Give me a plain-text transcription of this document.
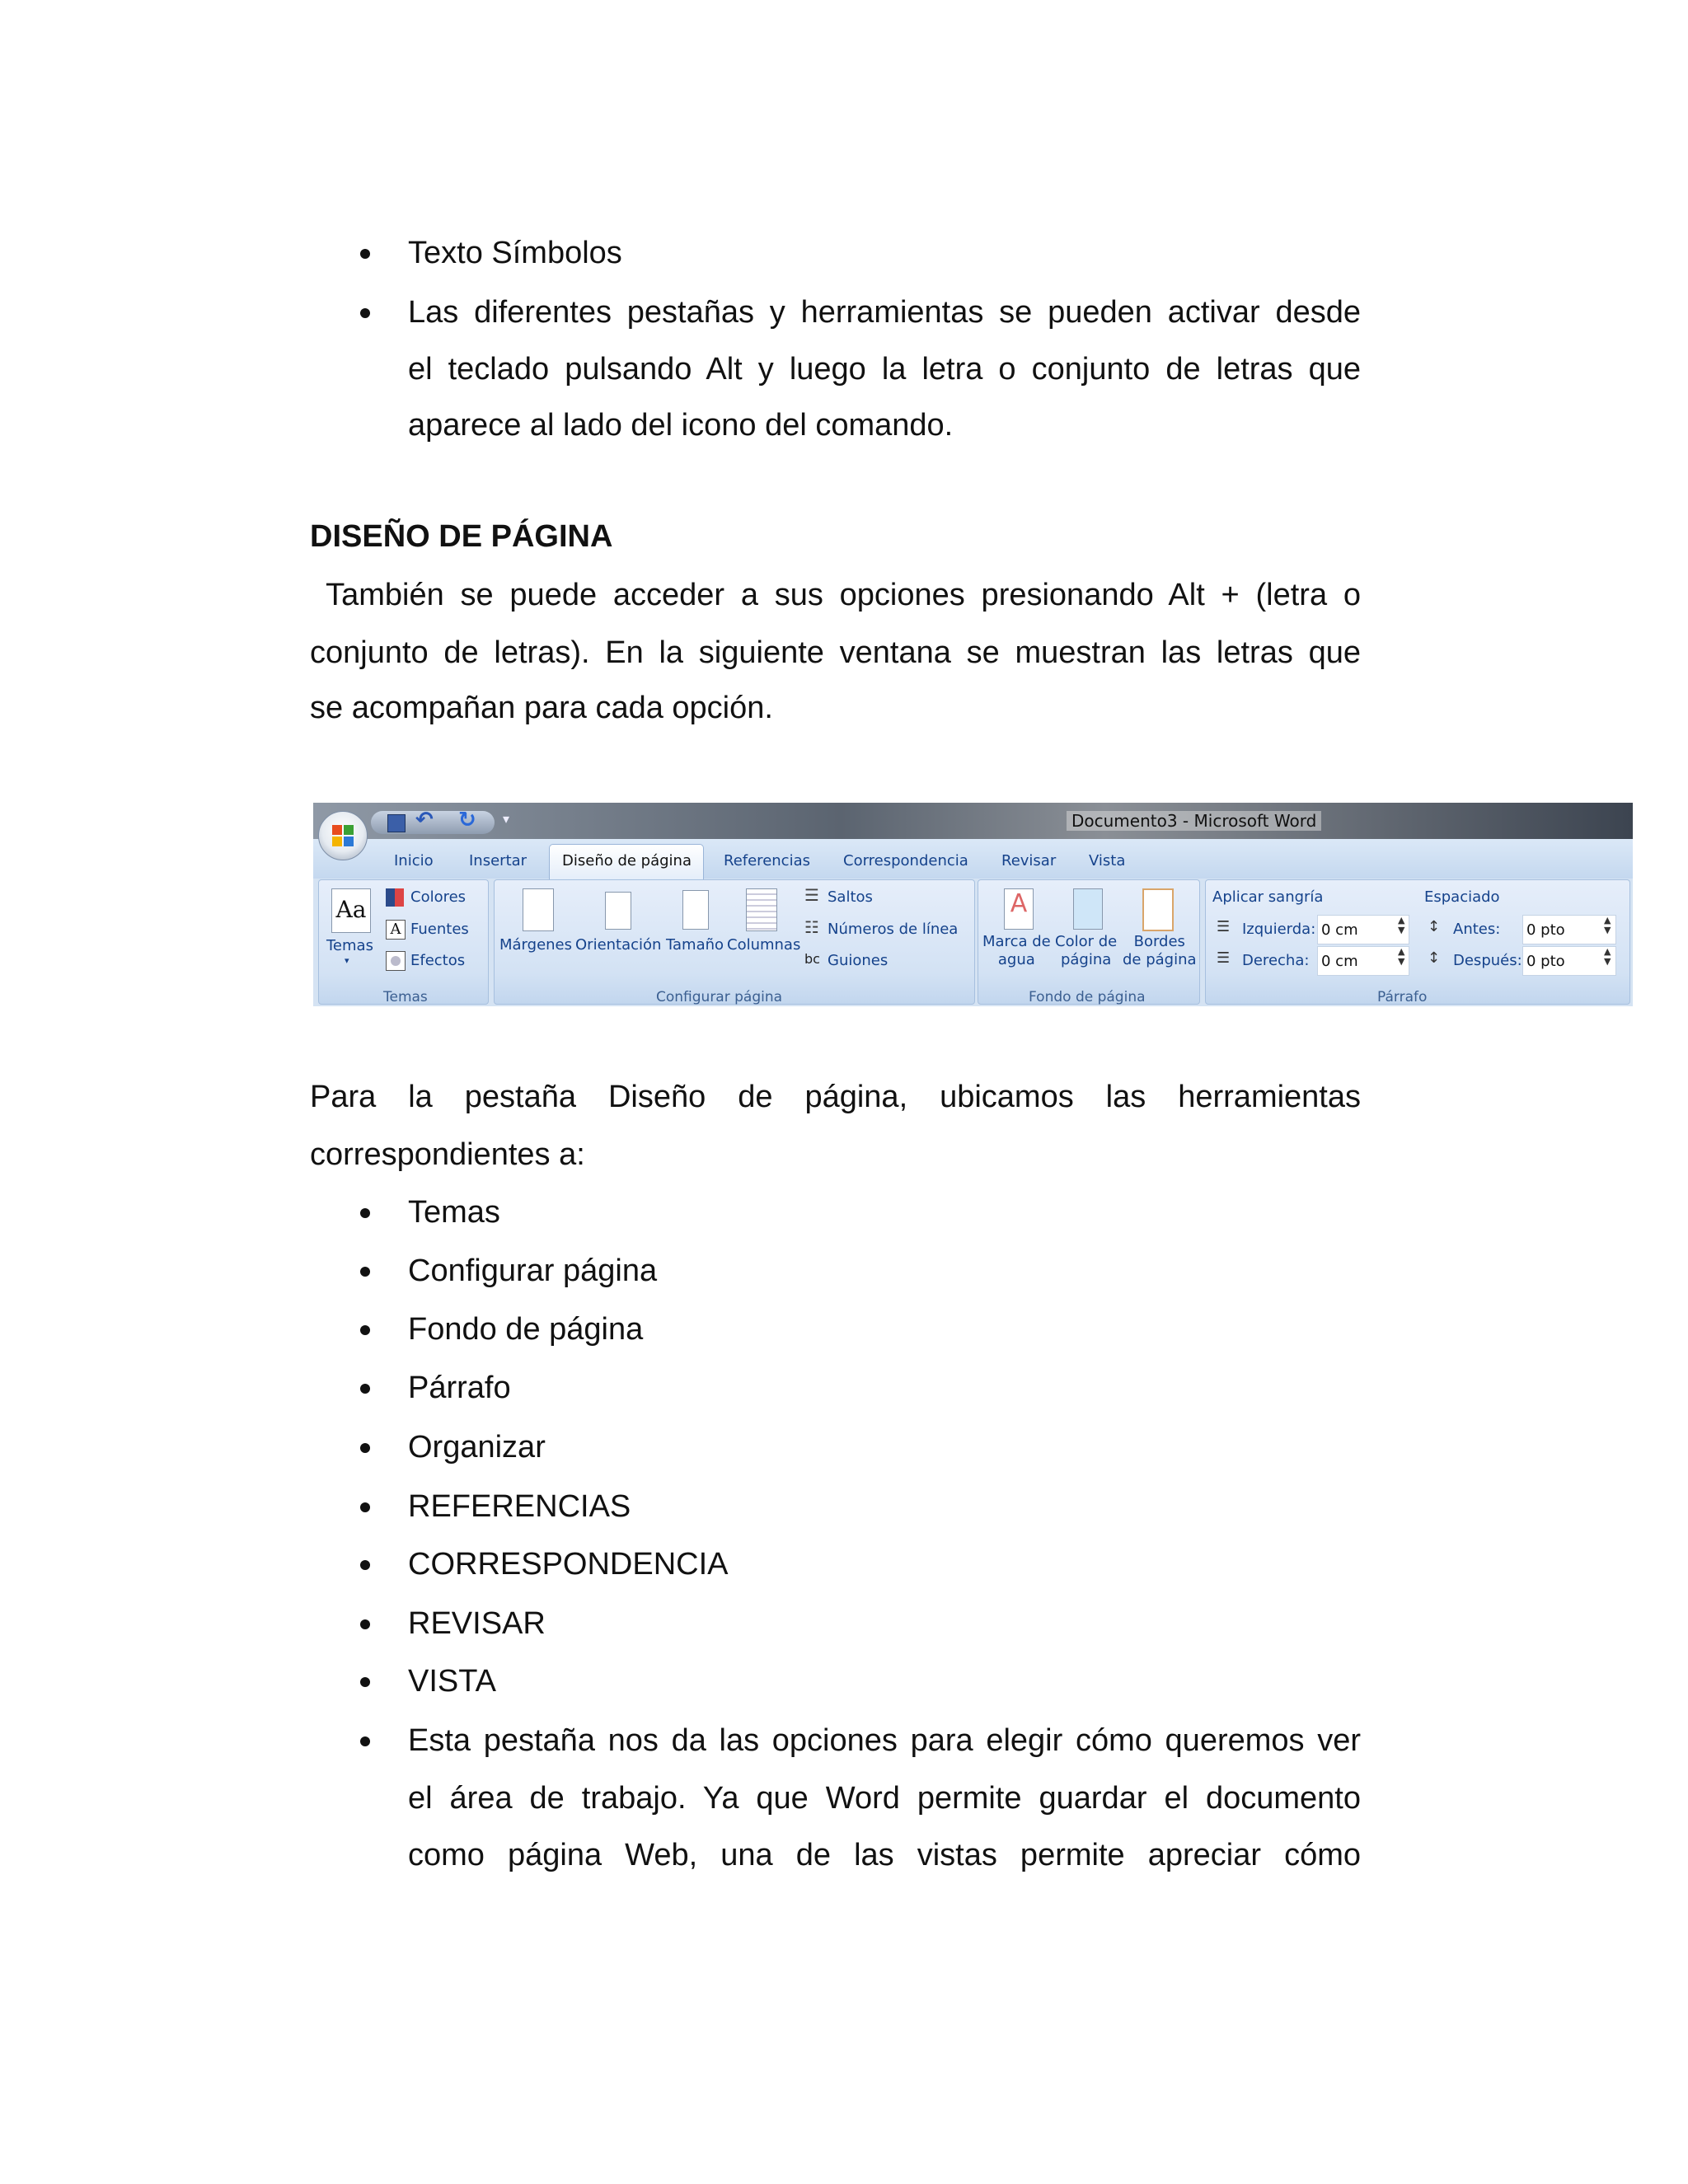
Texto Símbolos
Las diferentes pestañas y herramientas se pueden activar desde
el teclado pulsando Alt y luego la letra o conjunto de letras que
aparece al lado del icono del comando.
DISEÑO DE PÁGINA
También se puede acceder a sus opciones presionando Alt + (letra o
conjunto de letras). En la siguiente ventana se muestran las letras que
se acompañan para cada opción.
↶ ↻ ▾	Documento3 - Microsoft Word
Inicio Insertar Diseño de página Referencias Correspondencia Revisar Vista
Aa
Temas
▾
Colores
A Fuentes
Efectos
Temas
Márgenes Orientación Tamaño Columnas
☰ Saltos
☷ Números de línea
bc Guiones
Configurar página
A
Marca de
agua
Color de
página
Bordes
de página
Fondo de página
Aplicar sangría
☰ Izquierda: 0 cm
▲
▼
☰ Derecha: 0 cm
▲
▼
Espaciado
↕ Antes: 0 pto
▲
▼
↕ Después: 0 pto
▲
▼
Párrafo
Para la pestaña Diseño de página, ubicamos las herramientas
correspondientes a:
Temas
Configurar página
Fondo de página
Párrafo
Organizar
REFERENCIAS
CORRESPONDENCIA
REVISAR
VISTA
Esta pestaña nos da las opciones para elegir cómo queremos ver
el área de trabajo. Ya que Word permite guardar el documento
como página Web, una de las vistas permite apreciar cómo
